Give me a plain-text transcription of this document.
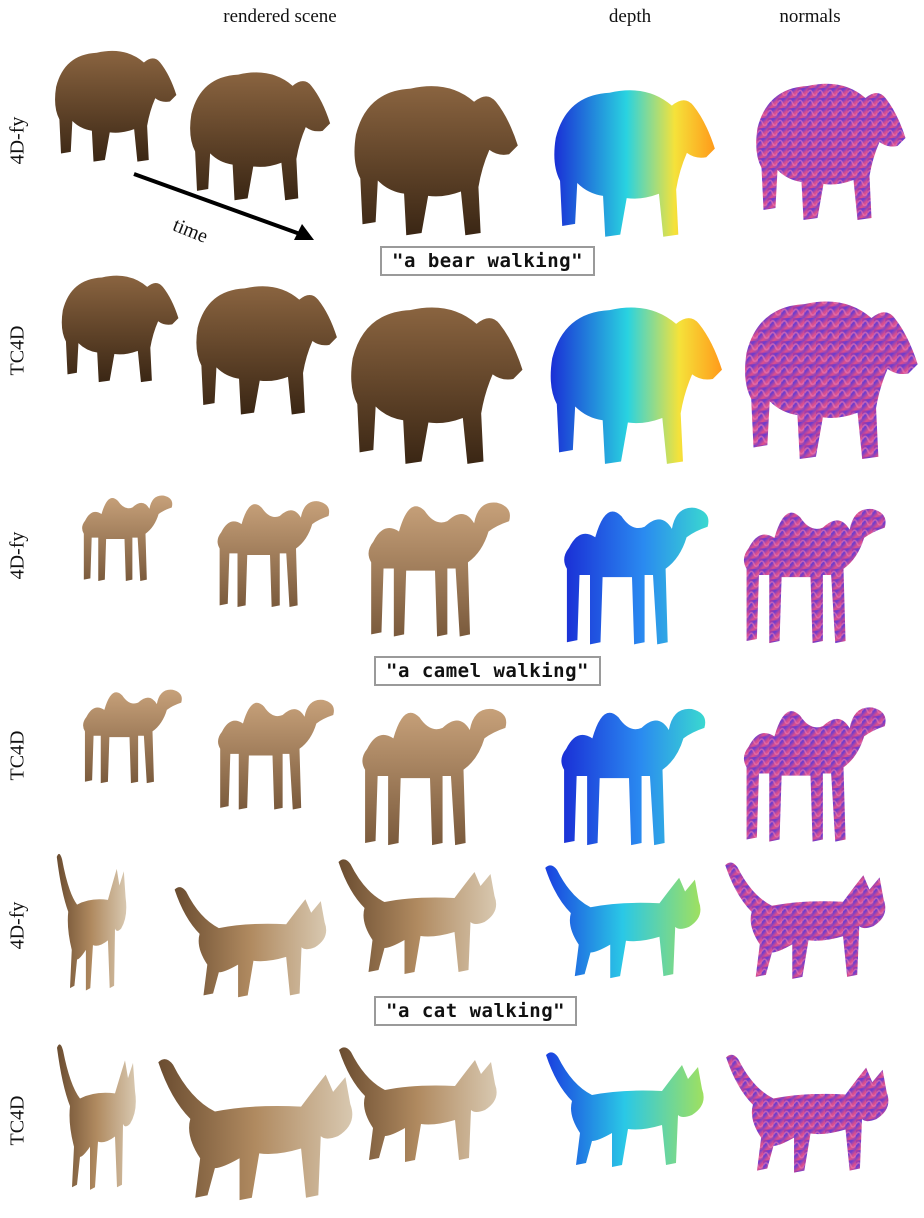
rendered scene	depth	normals
4D-fy
TC4D
4D-fy
TC4D
4D-fy
TC4D
time
"a bear walking"
"a camel walking"
"a cat walking"
